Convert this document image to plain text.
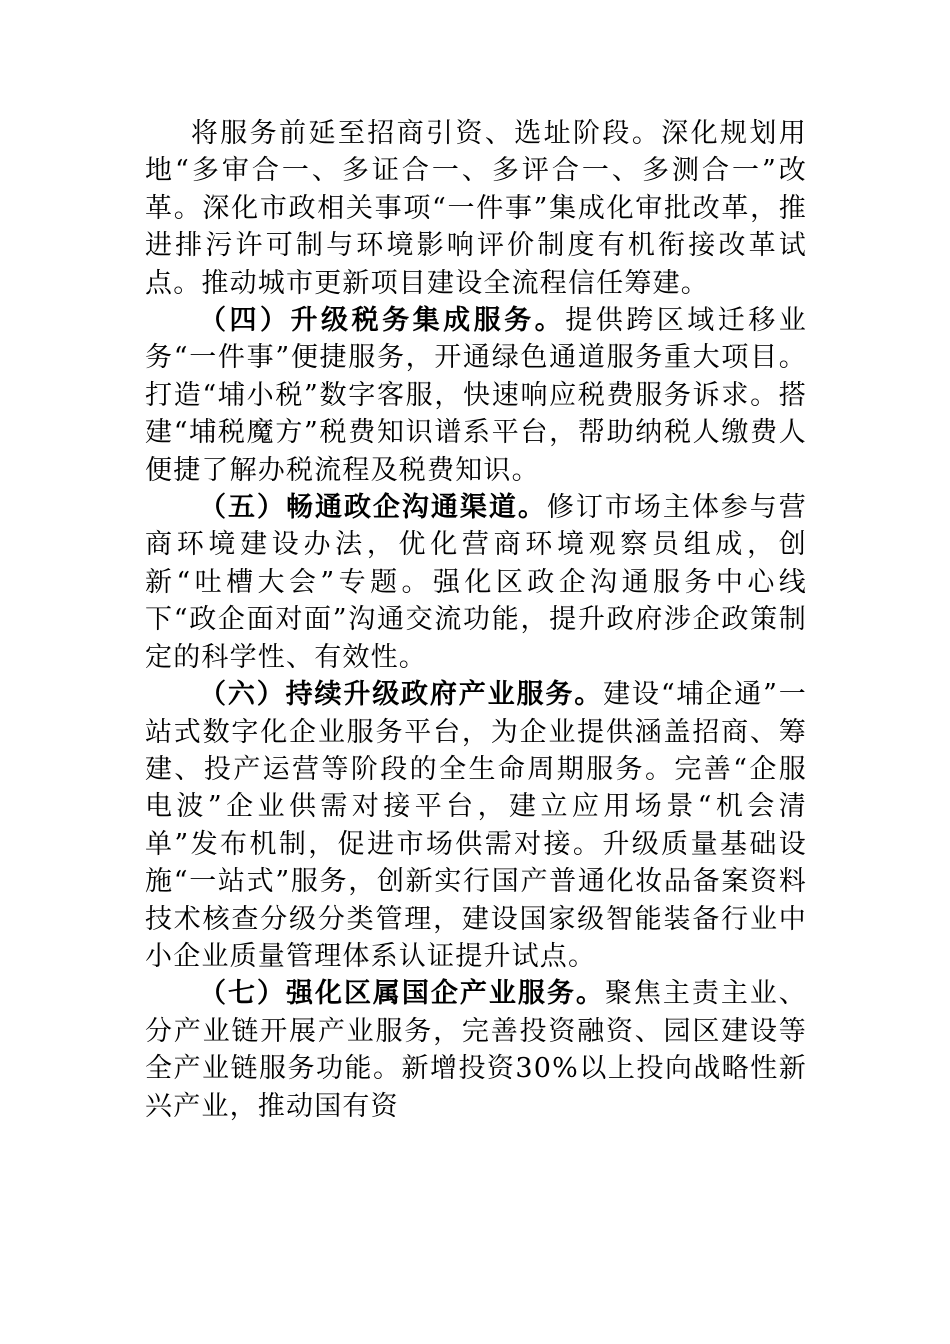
将服务前延至招商引资、选址阶段。深化规划用地“多审合一、多证合一、多评合一、多测合一”改革。深化市政相关事项“一件事”集成化审批改革，推进排污许可制与环境影响评价制度有机衔接改革试点。推动城市更新项目建设全流程信任筹建。

（四）升级税务集成服务。提供跨区域迁移业务“一件事”便捷服务，开通绿色通道服务重大项目。打造“埔小税”数字客服，快速响应税费服务诉求。搭建“埔税魔方”税费知识谱系平台，帮助纳税人缴费人便捷了解办税流程及税费知识。

（五）畅通政企沟通渠道。修订市场主体参与营商环境建设办法，优化营商环境观察员组成，创新“吐槽大会”专题。强化区政企沟通服务中心线下“政企面对面”沟通交流功能，提升政府涉企政策制定的科学性、有效性。

（六）持续升级政府产业服务。建设“埔企通”一站式数字化企业服务平台，为企业提供涵盖招商、筹建、投产运营等阶段的全生命周期服务。完善“企服电波”企业供需对接平台，建立应用场景“机会清单”发布机制，促进市场供需对接。升级质量基础设施“一站式”服务，创新实行国产普通化妆品备案资料技术核查分级分类管理，建设国家级智能装备行业中小企业质量管理体系认证提升试点。

（七）强化区属国企产业服务。聚焦主责主业、分产业链开展产业服务，完善投资融资、园区建设等全产业链服务功能。新增投资30%以上投向战略性新兴产业，推动国有资
